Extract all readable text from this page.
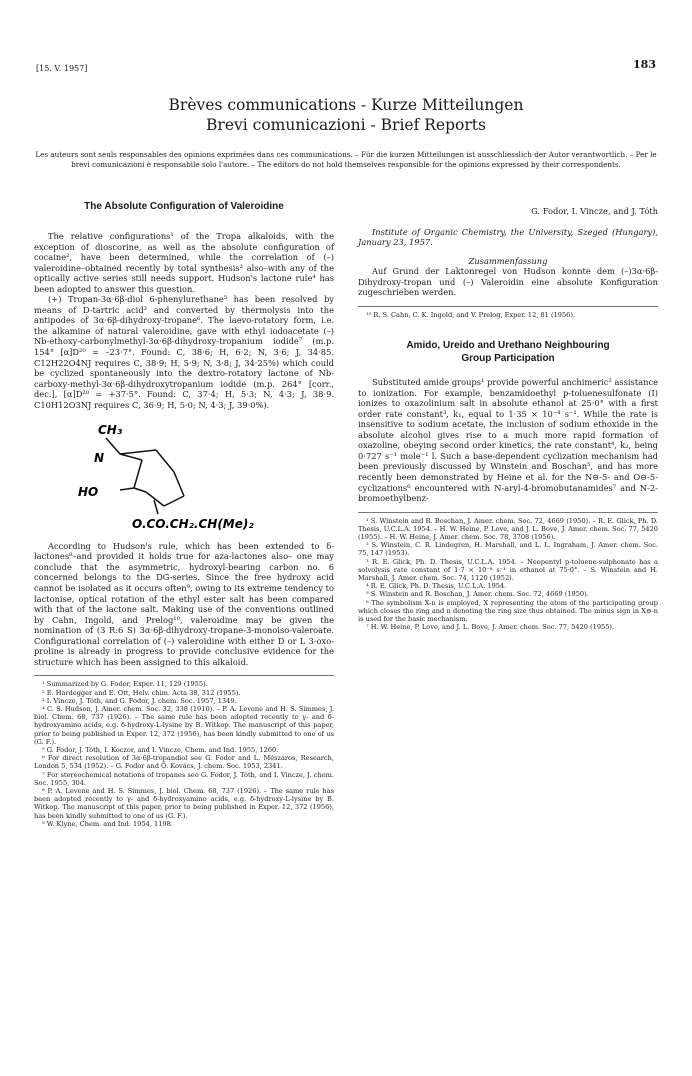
[15. V. 1957]	183
Brèves communications - Kurze Mitteilungen
Brevi comunicazioni - Brief Reports
Les auteurs sont seuls responsables des opinions exprimées dans ces communications. – Für die kurzen Mitteilungen ist ausschliesslich der Autor verantwortlich. – Per le brevi comunicazioni è responsabile solo l'autore. – The editors do not hold themselves responsible for the opinions expressed by their correspondents.
The Absolute Configuration of Valeroidine

The relative configurations¹ of the Tropa alkaloids, with the exception of dioscorine, as well as the absolute configuration of cocaine², have been determined, while the correlation of (–) valeroidine–obtained recently by total synthesis³ also–with any of the optically active series still needs support. Hudson's lactone rule⁴ has been adopted to answer this question.

(+) Tropan-3α·6β-diol 6-phenylurethane⁵ has been resolved by means of D-tartric acid³ and converted by thermolysis into the antipodes of 3α·6β-dihydroxy-tropane⁶. The laevo-rotatory form, i.e. the alkamine of natural valeroidine, gave with ethyl iodoacetate (–) Nb-ethoxy-carbonylmethyl-3α·6β-dihydroxy-tropanium iodide⁷ (m.p. 154° [α]D²⁰ = –23·7°. Found: C, 38·6; H, 6·2; N, 3·6; J, 34·85. C12H22O4NJ requires C, 38·9; H, 5·9; N, 3·8; J, 34·25%) which could be cyclized spontaneously into the dextro-rotatory lactone of Nb-carboxy-methyl-3α·6β-dihydroxytropanium iodide (m.p. 264° [corr., dec.], [α]D²⁰ = +37·5°. Found: C, 37·4; H, 5·3; N, 4·3; J, 38·9. C10H12O3NJ requires C, 36·9; H, 5·0; N, 4·3; J, 39·0%).

N
CH₃
HO
O.CO.CH₂.CH(Me)₂

According to Hudson's rule, which has been extended to δ-lactones⁸–and provided it holds true for aza-lactones also– one may conclude that the asymmetric, hydroxyl-bearing carbon no. 6 concerned belongs to the DG-series. Since the free hydroxy acid cannot be isolated as it occurs often⁹, owing to its extreme tendency to lactonise, optical rotation of the ethyl ester salt has been compared with that of the lactone salt. Making use of the conventions outlined by Cahn, Ingold, and Prelog¹⁰, valeroidine may be given the nomination of (3 R:6 S) 3α·6β-dihydroxy-tropane-3-monoiso-valeroate. Configurational correlation of (–) valeroidine with either D or L 3-oxo-proline is already in progress to provide conclusive evidence for the structure which has been assigned to this alkaloid.

¹ Summarized by G. Fodor, Exper. 11, 129 (1955).

² E. Hardegger and E. Ott, Helv. chim. Acta 38, 312 (1955).

³ I. Vincze, J. Tóth, and G. Fodor, J. chem. Soc. 1957, 1349.

⁴ C. S. Hudson, J. Amer. chem. Soc. 32, 338 (1910). – P. A. Levene and H. S. Simmes, J. biol. Chem. 68, 737 (1926). – The same rule has been adopted recently to γ- and δ-hydroxyamino acids, e.g. δ-hydroxy-L-lysine by B. Witkop. The manuscript of this paper, prior to being published in Exper. 12, 372 (1956), has been kindly submitted to one of us (G. F.).

⁵ G. Fodor, J. Tóth, I. Koczor, and I. Vincze, Chem. and Ind. 1955, 1260.

⁶ For direct resolution of 3α·6β-tropandiol see G. Fodor and L. Mészáros, Research, London 5, 534 (1952). – G. Fodor and Ö. Kovács, J. chem. Soc. 1953, 2341.

⁷ For stereochemical notations of tropanes see G. Fodor, J. Tóth, and I. Vincze, J. chem. Soc. 1955, 304.

⁸ P. A. Levene and H. S. Simmes, J. biol. Chem. 68, 737 (1926). – The same rule has been adopted recently to γ- and δ-hydroxyamino acids, e.g. δ-hydroxy-L-lysine by B. Witkop. The manuscript of this paper, prior to being published in Exper. 12, 372 (1956), has been kindly submitted to one of us (G. F.).

⁹ W. Klyne, Chem. and Ind. 1954, 1198.

G. Fodor, I. Vincze, and J. Tóth

Institute of Organic Chemistry, the University, Szeged (Hungary), January 23, 1957.

Zusammenfassung

Auf Grund der Laktonregel von Hudson konnte dem (–)3α·6β-Dihydroxy-tropan und (–) Valeroidin eine absolute Konfiguration zugeschrieben werden.

¹⁰ R. S. Cahn, C. K. Ingold, and V. Prelog, Exper. 12, 81 (1956).

Amido, Ureido and Urethano Neighbouring
Group Participation

Substituted amide groups¹ provide powerful anchimeric² assistance to ionization. For example, benzamidoethyl p-toluenesulfonate (I) ionizes to oxazolinium salt in absolute ethanol at 25·0° with a first order rate constant³, k₁, equal to 1·35 × 10⁻⁴ s⁻¹. While the rate is insensitive to sodium acetate, the inclusion of sodium ethoxide in the absolute alcohol gives rise to a much more rapid formation of oxazoline, obeying second order kinetics, the rate constant⁴, k₂, being 0·727 s⁻¹ mole⁻¹ l. Such a base-dependent cyclization mechanism had been previously discussed by Winstein and Boschan⁵, and has more recently been demonstrated by Heine et al. for the N⊖-5- and O⊖-5-cyclizations⁶ encountered with N-aryl-4-bromobutanamides⁷ and N-2-bromoethylbenz-

¹ S. Winstein and R. Boschan, J. Amer. chem. Soc. 72, 4669 (1950). – R. E. Glick, Ph. D. Thesis, U.C.L.A. 1954. – H. W. Heine, P. Love, and J. L. Bove, J. Amer. chem. Soc. 77, 5420 (1955). – H. W. Heine, J. Amer. chem. Soc. 78, 3708 (1956).

² S. Winstein, C. R. Lindegren, H. Marshall, and L. L. Ingraham, J. Amer. chem. Soc. 75, 147 (1953).

³ R. E. Glick, Ph. D. Thesis, U.C.L.A. 1954. – Neopentyl p-toluene-sulphonate has a solvolysis rate constant of 1·7 × 10⁻⁸ s⁻¹ in ethanol at 75·0°. – S. Winstein and H. Marshall, J. Amer. chem. Soc. 74, 1120 (1952).

⁴ R. E. Glick, Ph. D. Thesis, U.C.L.A. 1954.

⁵ S. Winstein and R. Boschan, J. Amer. chem. Soc. 72, 4669 (1950).

⁶ The symbolism X-n is employed, X representing the atom of the participating group which closes the ring and n denoting the ring size thus obtained. The minus sign in X⊖-n is used for the basic mechanism.

⁷ H. W. Heine, P. Love, and J. L. Bove, J. Amer. chem. Soc. 77, 5420 (1955).
